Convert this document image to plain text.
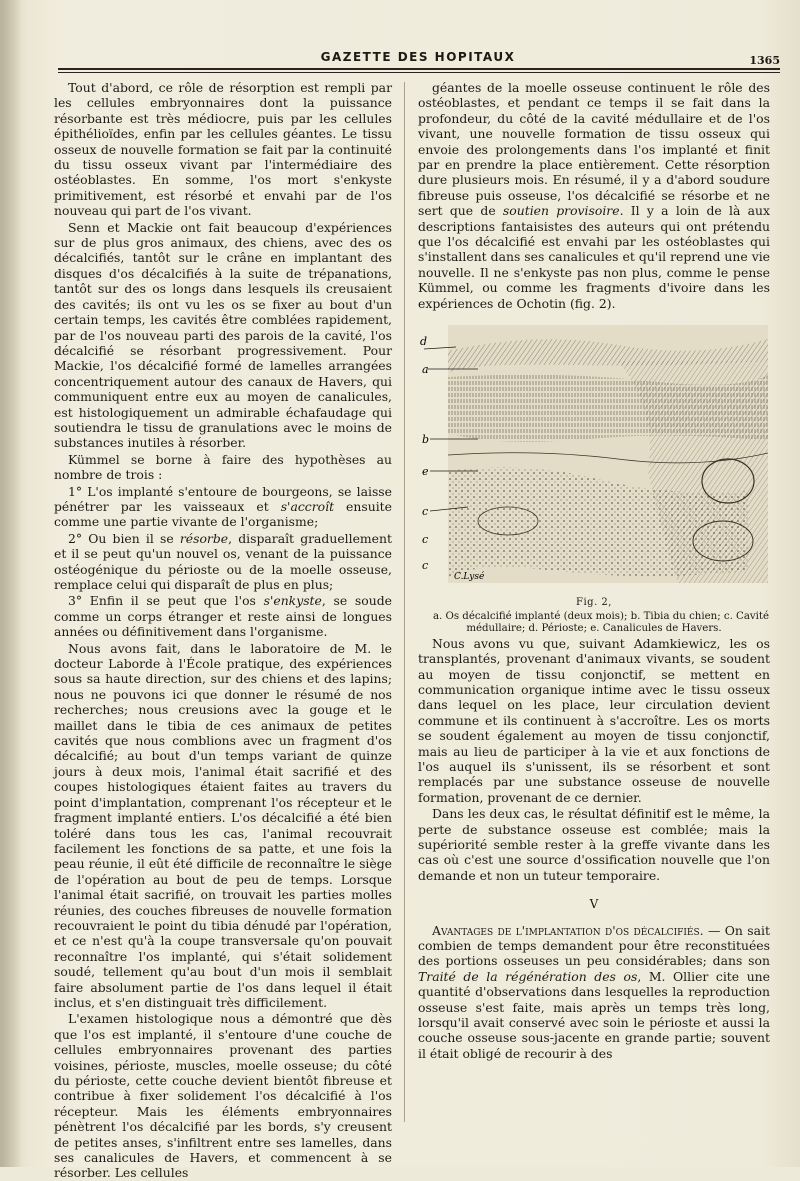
GAZETTE DES HOPITAUX	1365

Tout d'abord, ce rôle de résorption est rempli par les cellules embryonnaires dont la puissance résorbante est très médiocre, puis par les cellules épithélioïdes, enfin par les cellules géantes. Le tissu osseux de nouvelle formation se fait par la continuité du tissu osseux vivant par l'intermédiaire des ostéoblastes. En somme, l'os mort s'enkyste primitivement, est résorbé et envahi par de l'os nouveau qui part de l'os vivant.

Senn et Mackie ont fait beaucoup d'expériences sur de plus gros animaux, des chiens, avec des os décalcifiés, tantôt sur le crâne en implantant des disques d'os décalcifiés à la suite de trépanations, tantôt sur des os longs dans lesquels ils creusaient des cavités; ils ont vu les os se fixer au bout d'un certain temps, les cavités être comblées rapidement, par de l'os nouveau parti des parois de la cavité, l'os décalcifié se résorbant progressivement. Pour Mackie, l'os décalcifié formé de lamelles arrangées concentriquement autour des canaux de Havers, qui communiquent entre eux au moyen de canalicules, est histologiquement un admirable échafaudage qui soutiendra le tissu de granulations avec le moins de substances inutiles à résorber.

Kümmel se borne à faire des hypothèses au nombre de trois :

1° L'os implanté s'entoure de bourgeons, se laisse pénétrer par les vaisseaux et s'accroît ensuite comme une partie vivante de l'organisme;

2° Ou bien il se résorbe, disparaît graduellement et il se peut qu'un nouvel os, venant de la puissance ostéogénique du périoste ou de la moelle osseuse, remplace celui qui disparaît de plus en plus;

3° Enfin il se peut que l'os s'enkyste, se soude comme un corps étranger et reste ainsi de longues années ou définitivement dans l'organisme.

Nous avons fait, dans le laboratoire de M. le docteur Laborde à l'École pratique, des expériences sous sa haute direction, sur des chiens et des lapins; nous ne pouvons ici que donner le résumé de nos recherches; nous creusions avec la gouge et le maillet dans le tibia de ces animaux de petites cavités que nous comblions avec un fragment d'os décalcifié; au bout d'un temps variant de quinze jours à deux mois, l'animal était sacrifié et des coupes histologiques étaient faites au travers du point d'implantation, comprenant l'os récepteur et le fragment implanté entiers. L'os décalcifié a été bien toléré dans tous les cas, l'animal recouvrait facilement les fonctions de sa patte, et une fois la peau réunie, il eût été difficile de reconnaître le siège de l'opération au bout de peu de temps. Lorsque l'animal était sacrifié, on trouvait les parties molles réunies, des couches fibreuses de nouvelle formation recouvraient le point du tibia dénudé par l'opération, et ce n'est qu'à la coupe transversale qu'on pouvait reconnaître l'os implanté, qui s'était solidement soudé, tellement qu'au bout d'un mois il semblait faire absolument partie de l'os dans lequel il était inclus, et s'en distinguait très difficilement.

L'examen histologique nous a démontré que dès que l'os est implanté, il s'entoure d'une couche de cellules embryonnaires provenant des parties voisines, périoste, muscles, moelle osseuse; du côté du périoste, cette couche devient bientôt fibreuse et contribue à fixer solidement l'os décalcifié à l'os récepteur. Mais les éléments embryonnaires pénètrent l'os décalcifié par les bords, s'y creusent de petites anses, s'infiltrent entre ses lamelles, dans ses canalicules de Havers, et commencent à se résorber. Les cellules

géantes de la moelle osseuse continuent le rôle des ostéoblastes, et pendant ce temps il se fait dans la profondeur, du côté de la cavité médullaire et de l'os vivant, une nouvelle formation de tissu osseux qui envoie des prolongements dans l'os implanté et finit par en prendre la place entièrement. Cette résorption dure plusieurs mois. En résumé, il y a d'abord soudure fibreuse puis osseuse, l'os décalcifié se résorbe et ne sert que de soutien provisoire. Il y a loin de là aux descriptions fantaisistes des auteurs qui ont prétendu que l'os décalcifié est envahi par les ostéoblastes qui s'installent dans ses canalicules et qu'il reprend une vie nouvelle. Il ne s'enkyste pas non plus, comme le pense Kümmel, ou comme les fragments d'ivoire dans les expériences de Ochotin (fig. 2).

d
a
b
e
c
c
c
C.Lysé
Fig. 2,

a. Os décalcifié implanté (deux mois); b. Tibia du chien; c. Cavité médullaire; d. Périoste; e. Canalicules de Havers.

Nous avons vu que, suivant Adamkiewicz, les os transplantés, provenant d'animaux vivants, se soudent au moyen de tissu conjonctif, se mettent en communication organique intime avec le tissu osseux dans lequel on les place, leur circulation devient commune et ils continuent à s'accroître. Les os morts se soudent également au moyen de tissu conjonctif, mais au lieu de participer à la vie et aux fonctions de l'os auquel ils s'unissent, ils se résorbent et sont remplacés par une substance osseuse de nouvelle formation, provenant de ce dernier.

Dans les deux cas, le résultat définitif est le même, la perte de substance osseuse est comblée; mais la supériorité semble rester à la greffe vivante dans les cas où c'est une source d'ossification nouvelle que l'on demande et non un tuteur temporaire.

V

Avantages de l'implantation d'os décalcifiés. — On sait combien de temps demandent pour être reconstituées des portions osseuses un peu considérables; dans son Traité de la régénération des os, M. Ollier cite une quantité d'observations dans lesquelles la reproduction osseuse s'est faite, mais après un temps très long, lorsqu'il avait conservé avec soin le périoste et aussi la couche osseuse sous-jacente en grande partie; souvent il était obligé de recourir à des
